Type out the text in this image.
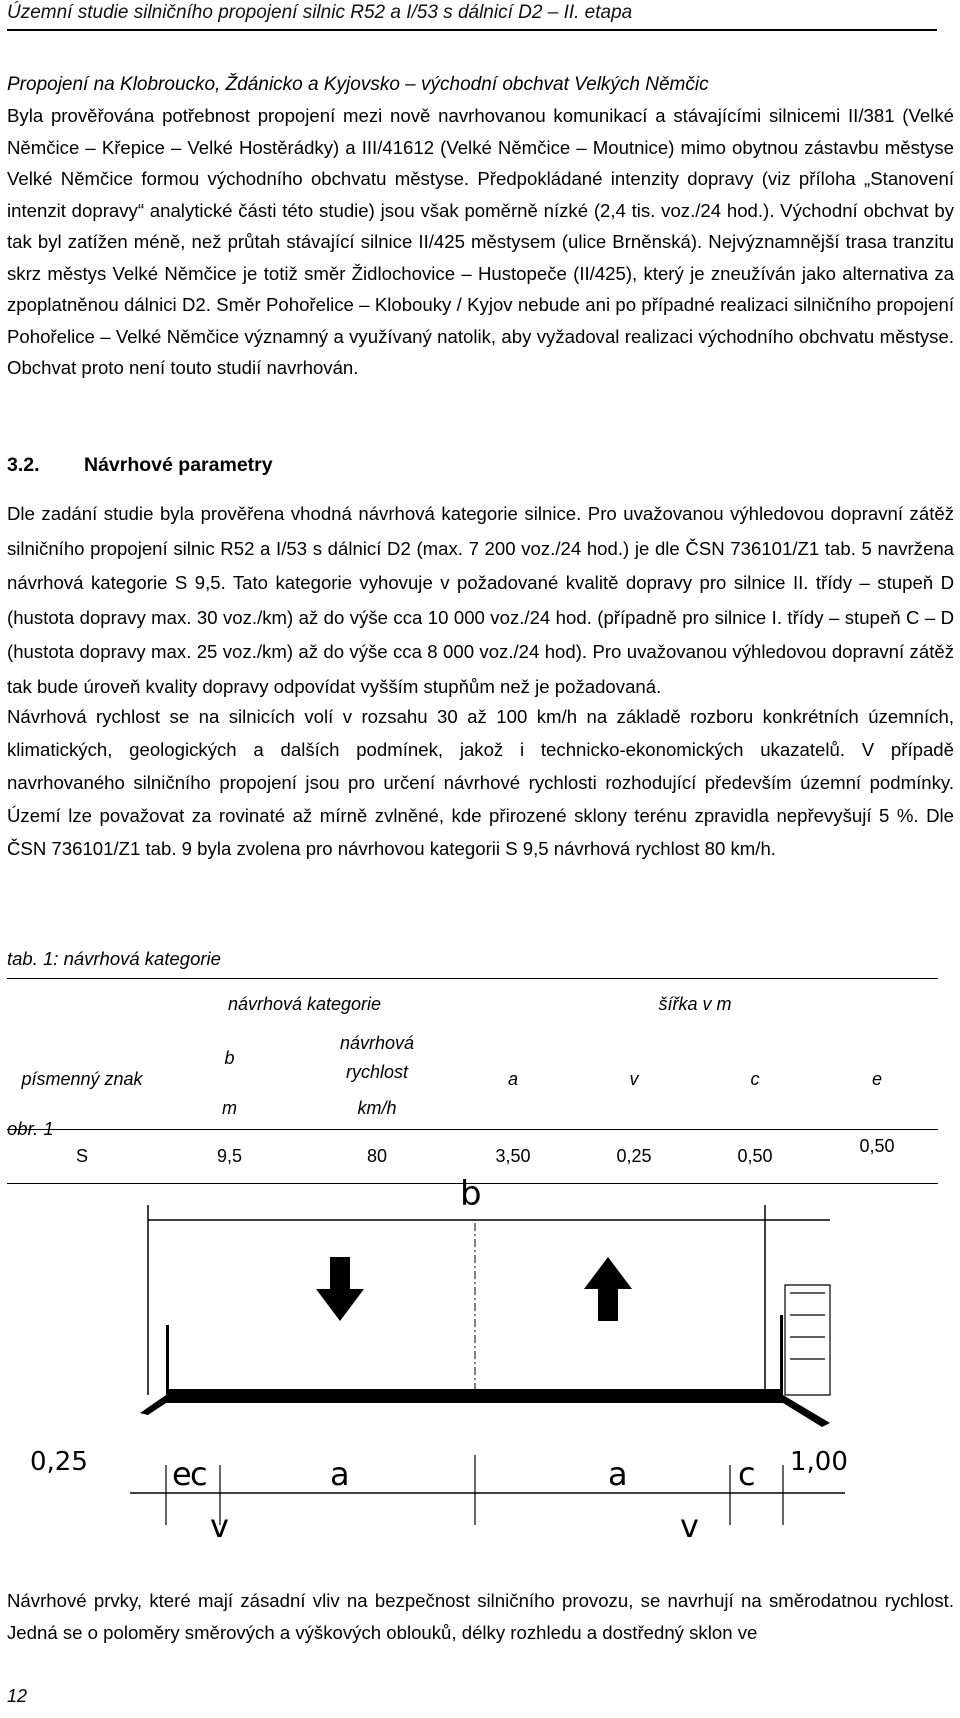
Územní studie silničního propojení silnic R52 a I/53 s dálnicí D2 – II. etapa
Propojení na Klobroucko, Ždánicko a Kyjovsko – východní obchvat Velkých Němčic

Byla prověřována potřebnost propojení mezi nově navrhovanou komunikací a stávajícími silnicemi II/381 (Velké Němčice – Křepice – Velké Hostěrádky) a III/41612 (Velké Němčice – Moutnice) mimo obytnou zástavbu městyse Velké Němčice formou východního obchvatu městyse. Předpokládané intenzity dopravy (viz příloha „Stanovení intenzit dopravy“ analytické části této studie) jsou však poměrně nízké (2,4 tis. voz./24 hod.). Východní obchvat by tak byl zatížen méně, než průtah stávající silnice II/425 městysem (ulice Brněnská). Nejvýznamnější trasa tranzitu skrz městys Velké Němčice je totiž směr Židlochovice – Hustopeče (II/425), který je zneužíván jako alternativa za zpoplatněnou dálnici D2. Směr Pohořelice – Klobouky / Kyjov nebude ani po případné realizaci silničního propojení Pohořelice – Velké Němčice významný a využívaný natolik, aby vyžadoval realizaci východního obchvatu městyse. Obchvat proto není touto studií navrhován.

3.2. Návrhové parametry

Dle zadání studie byla prověřena vhodná návrhová kategorie silnice. Pro uvažovanou výhledovou dopravní zátěž silničního propojení silnic R52 a I/53 s dálnicí D2 (max. 7 200 voz./24 hod.) je dle ČSN 736101/Z1 tab. 5 navržena návrhová kategorie S 9,5. Tato kategorie vyhovuje v požadované kvalitě dopravy pro silnice II. třídy – stupeň D (hustota dopravy max. 30 voz./km) až do výše cca 10 000 voz./24 hod. (případně pro silnice I. třídy – stupeň C – D (hustota dopravy max. 25 voz./km) až do výše cca 8 000 voz./24 hod). Pro uvažovanou výhledovou dopravní zátěž tak bude úroveň kvality dopravy odpovídat vyšším stupňům než je požadovaná.

Návrhová rychlost se na silnicích volí v rozsahu 30 až 100 km/h na základě rozboru konkrétních územních, klimatických, geologických a dalších podmínek, jakož i technicko-ekonomických ukazatelů. V případě navrhovaného silničního propojení jsou pro určení návrhové rychlosti rozhodující především územní podmínky. Území lze považovat za rovinaté až mírně zvlněné, kde přirozené sklony terénu zpravidla nepřevyšují 5 %. Dle ČSN 736101/Z1 tab. 9 byla zvolena pro návrhovou kategorii S 9,5 návrhová rychlost 80 km/h.

tab. 1: návrhová kategorie
	návrhová kategorie		šířka v m			
písmenný znak	b	návrhová rychlost	a	v	c	e
	m	km/h				
S	9,5	80	3,50	0,25	0,50	0,50
obr. 1
b
0,25	e
c	a	a	c 1,00
v	v

Návrhové prvky, které mají zásadní vliv na bezpečnost silničního provozu, se navrhují na směrodatnou rychlost. Jedná se o poloměry směrových a výškových oblouků, délky rozhledu a dostředný sklon ve

12
